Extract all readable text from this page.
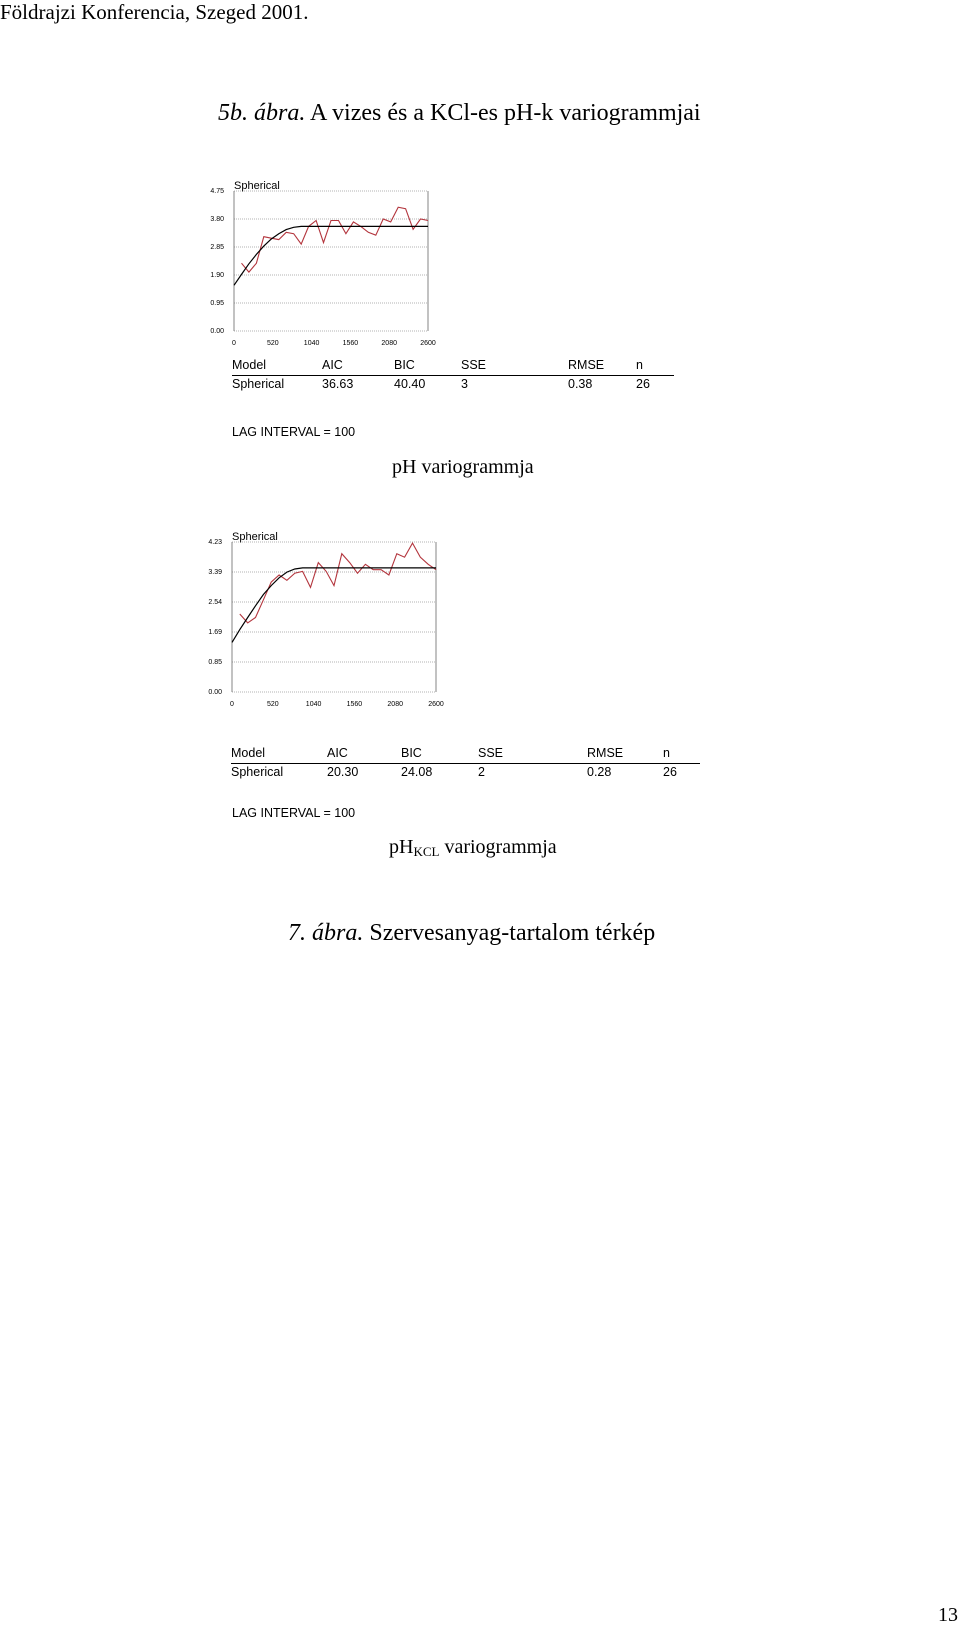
Földrajzi Konferencia, Szeged 2001.
5b. ábra. A vizes és a KCl-es pH-k variogrammjai
4.75
3.80
2.85
1.90
0.95
0.00
0	520	1040	1560	2080	2600
Spherical
Model	AIC	BIC	SSE	RMSE	n
Spherical	36.63	40.40	3	0.38	26
LAG INTERVAL = 100
pH variogrammja
4.23
3.39
2.54
1.69
0.85
0.00
0	520	1040	1560	2080	2600
Spherical
Model	AIC	BIC	SSE	RMSE	n
Spherical	20.30	24.08	2	0.28	26
LAG INTERVAL = 100
$pH_{KCL}$ variogrammja
7. ábra. Szervesanyag-tartalom térkép
13
